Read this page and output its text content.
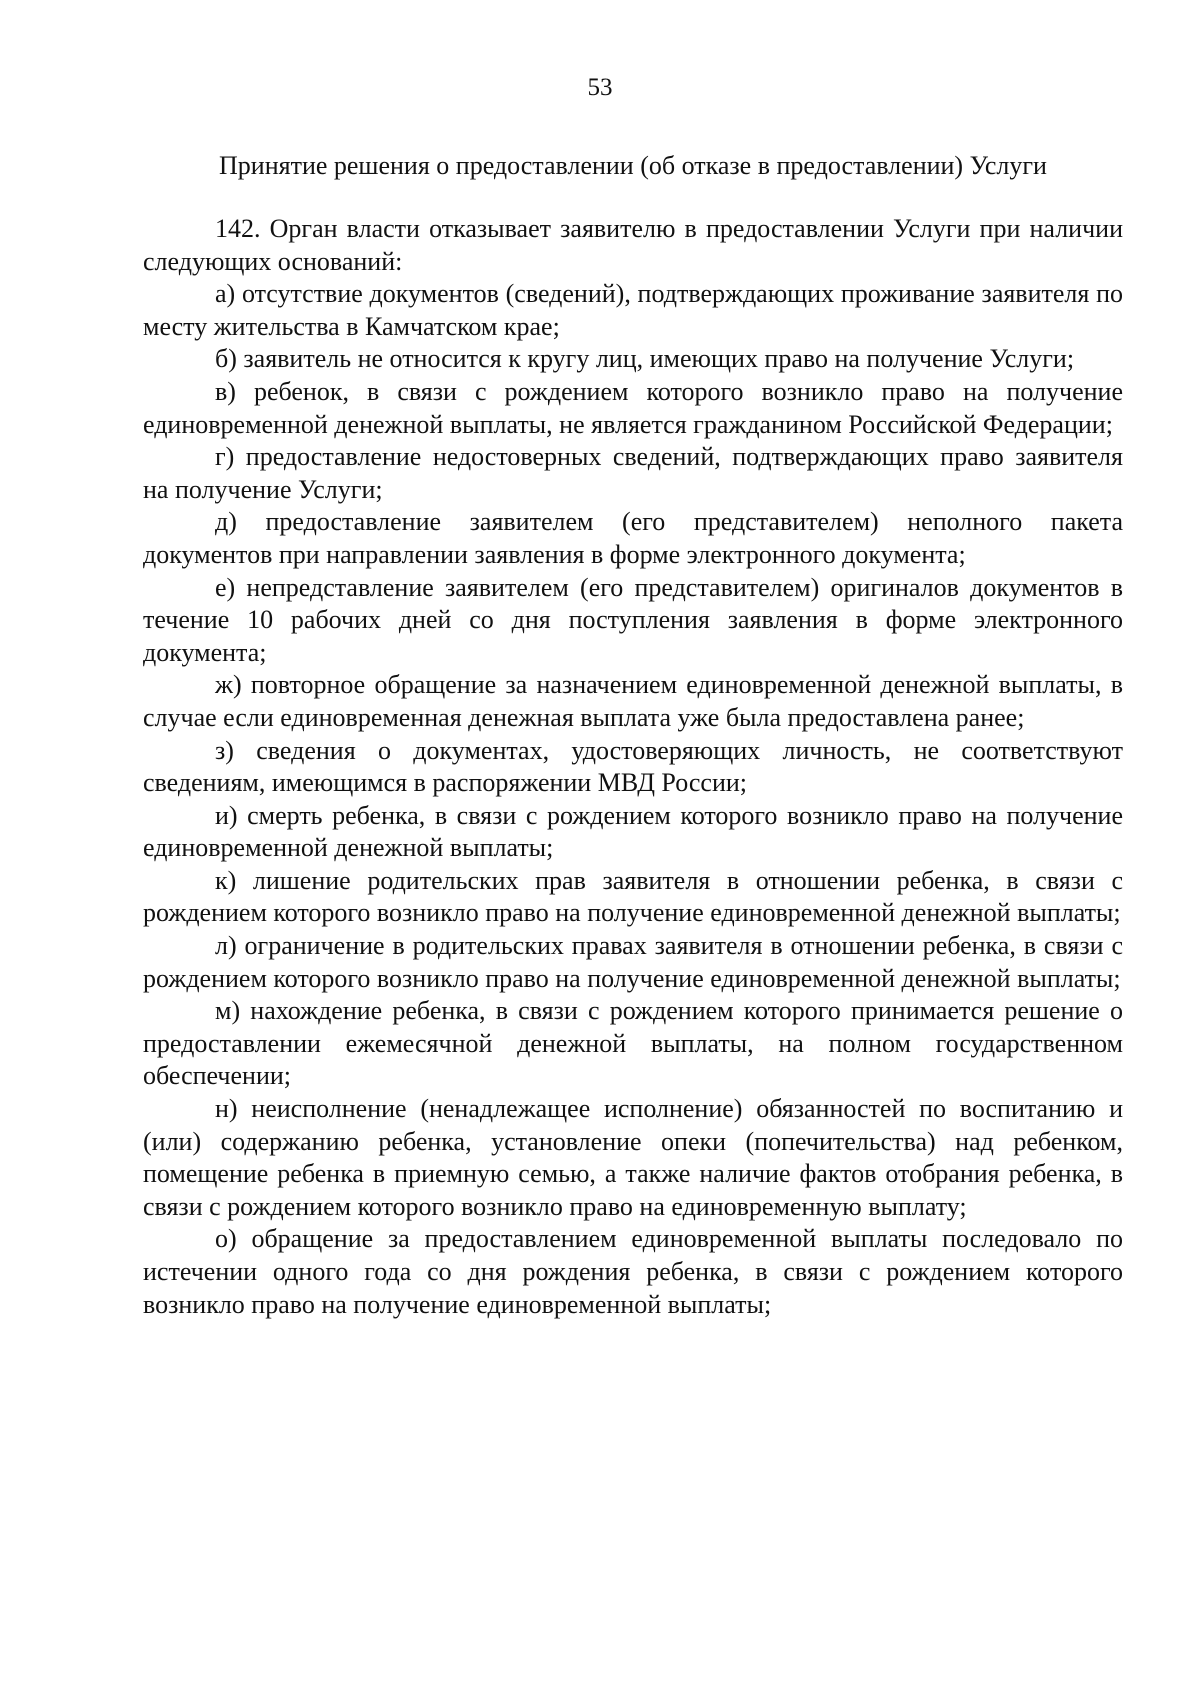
53
Принятие решения о предоставлении (об отказе в предоставлении) Услуги

142. Орган власти отказывает заявителю в предоставлении Услуги при наличии следующих оснований:

а) отсутствие документов (сведений), подтверждающих проживание заявителя по месту жительства в Камчатском крае;

б) заявитель не относится к кругу лиц, имеющих право на получение Услуги;

в) ребенок, в связи с рождением которого возникло право на получение единовременной денежной выплаты, не является гражданином Российской Федерации;

г) предоставление недостоверных сведений, подтверждающих право заявителя на получение Услуги;

д) предоставление заявителем (его представителем) неполного пакета документов при направлении заявления в форме электронного документа;

е) непредставление заявителем (его представителем) оригиналов документов в течение 10 рабочих дней со дня поступления заявления в форме электронного документа;

ж) повторное обращение за назначением единовременной денежной выплаты, в случае если единовременная денежная выплата уже была предоставлена ранее;

з) сведения о документах, удостоверяющих личность, не соответствуют сведениям, имеющимся в распоряжении МВД России;

и) смерть ребенка, в связи с рождением которого возникло право на получение единовременной денежной выплаты;

к) лишение родительских прав заявителя в отношении ребенка, в связи с рождением которого возникло право на получение единовременной денежной выплаты;

л) ограничение в родительских правах заявителя в отношении ребенка, в связи с рождением которого возникло право на получение единовременной денежной выплаты;

м) нахождение ребенка, в связи с рождением которого принимается решение о предоставлении ежемесячной денежной выплаты, на полном государственном обеспечении;

н) неисполнение (ненадлежащее исполнение) обязанностей по воспитанию и (или) содержанию ребенка, установление опеки (попечительства) над ребенком, помещение ребенка в приемную семью, а также наличие фактов отобрания ребенка, в связи с рождением которого возникло право на единовременную выплату;

о) обращение за предоставлением единовременной выплаты последовало по истечении одного года со дня рождения ребенка, в связи с рождением которого возникло право на получение единовременной выплаты;
